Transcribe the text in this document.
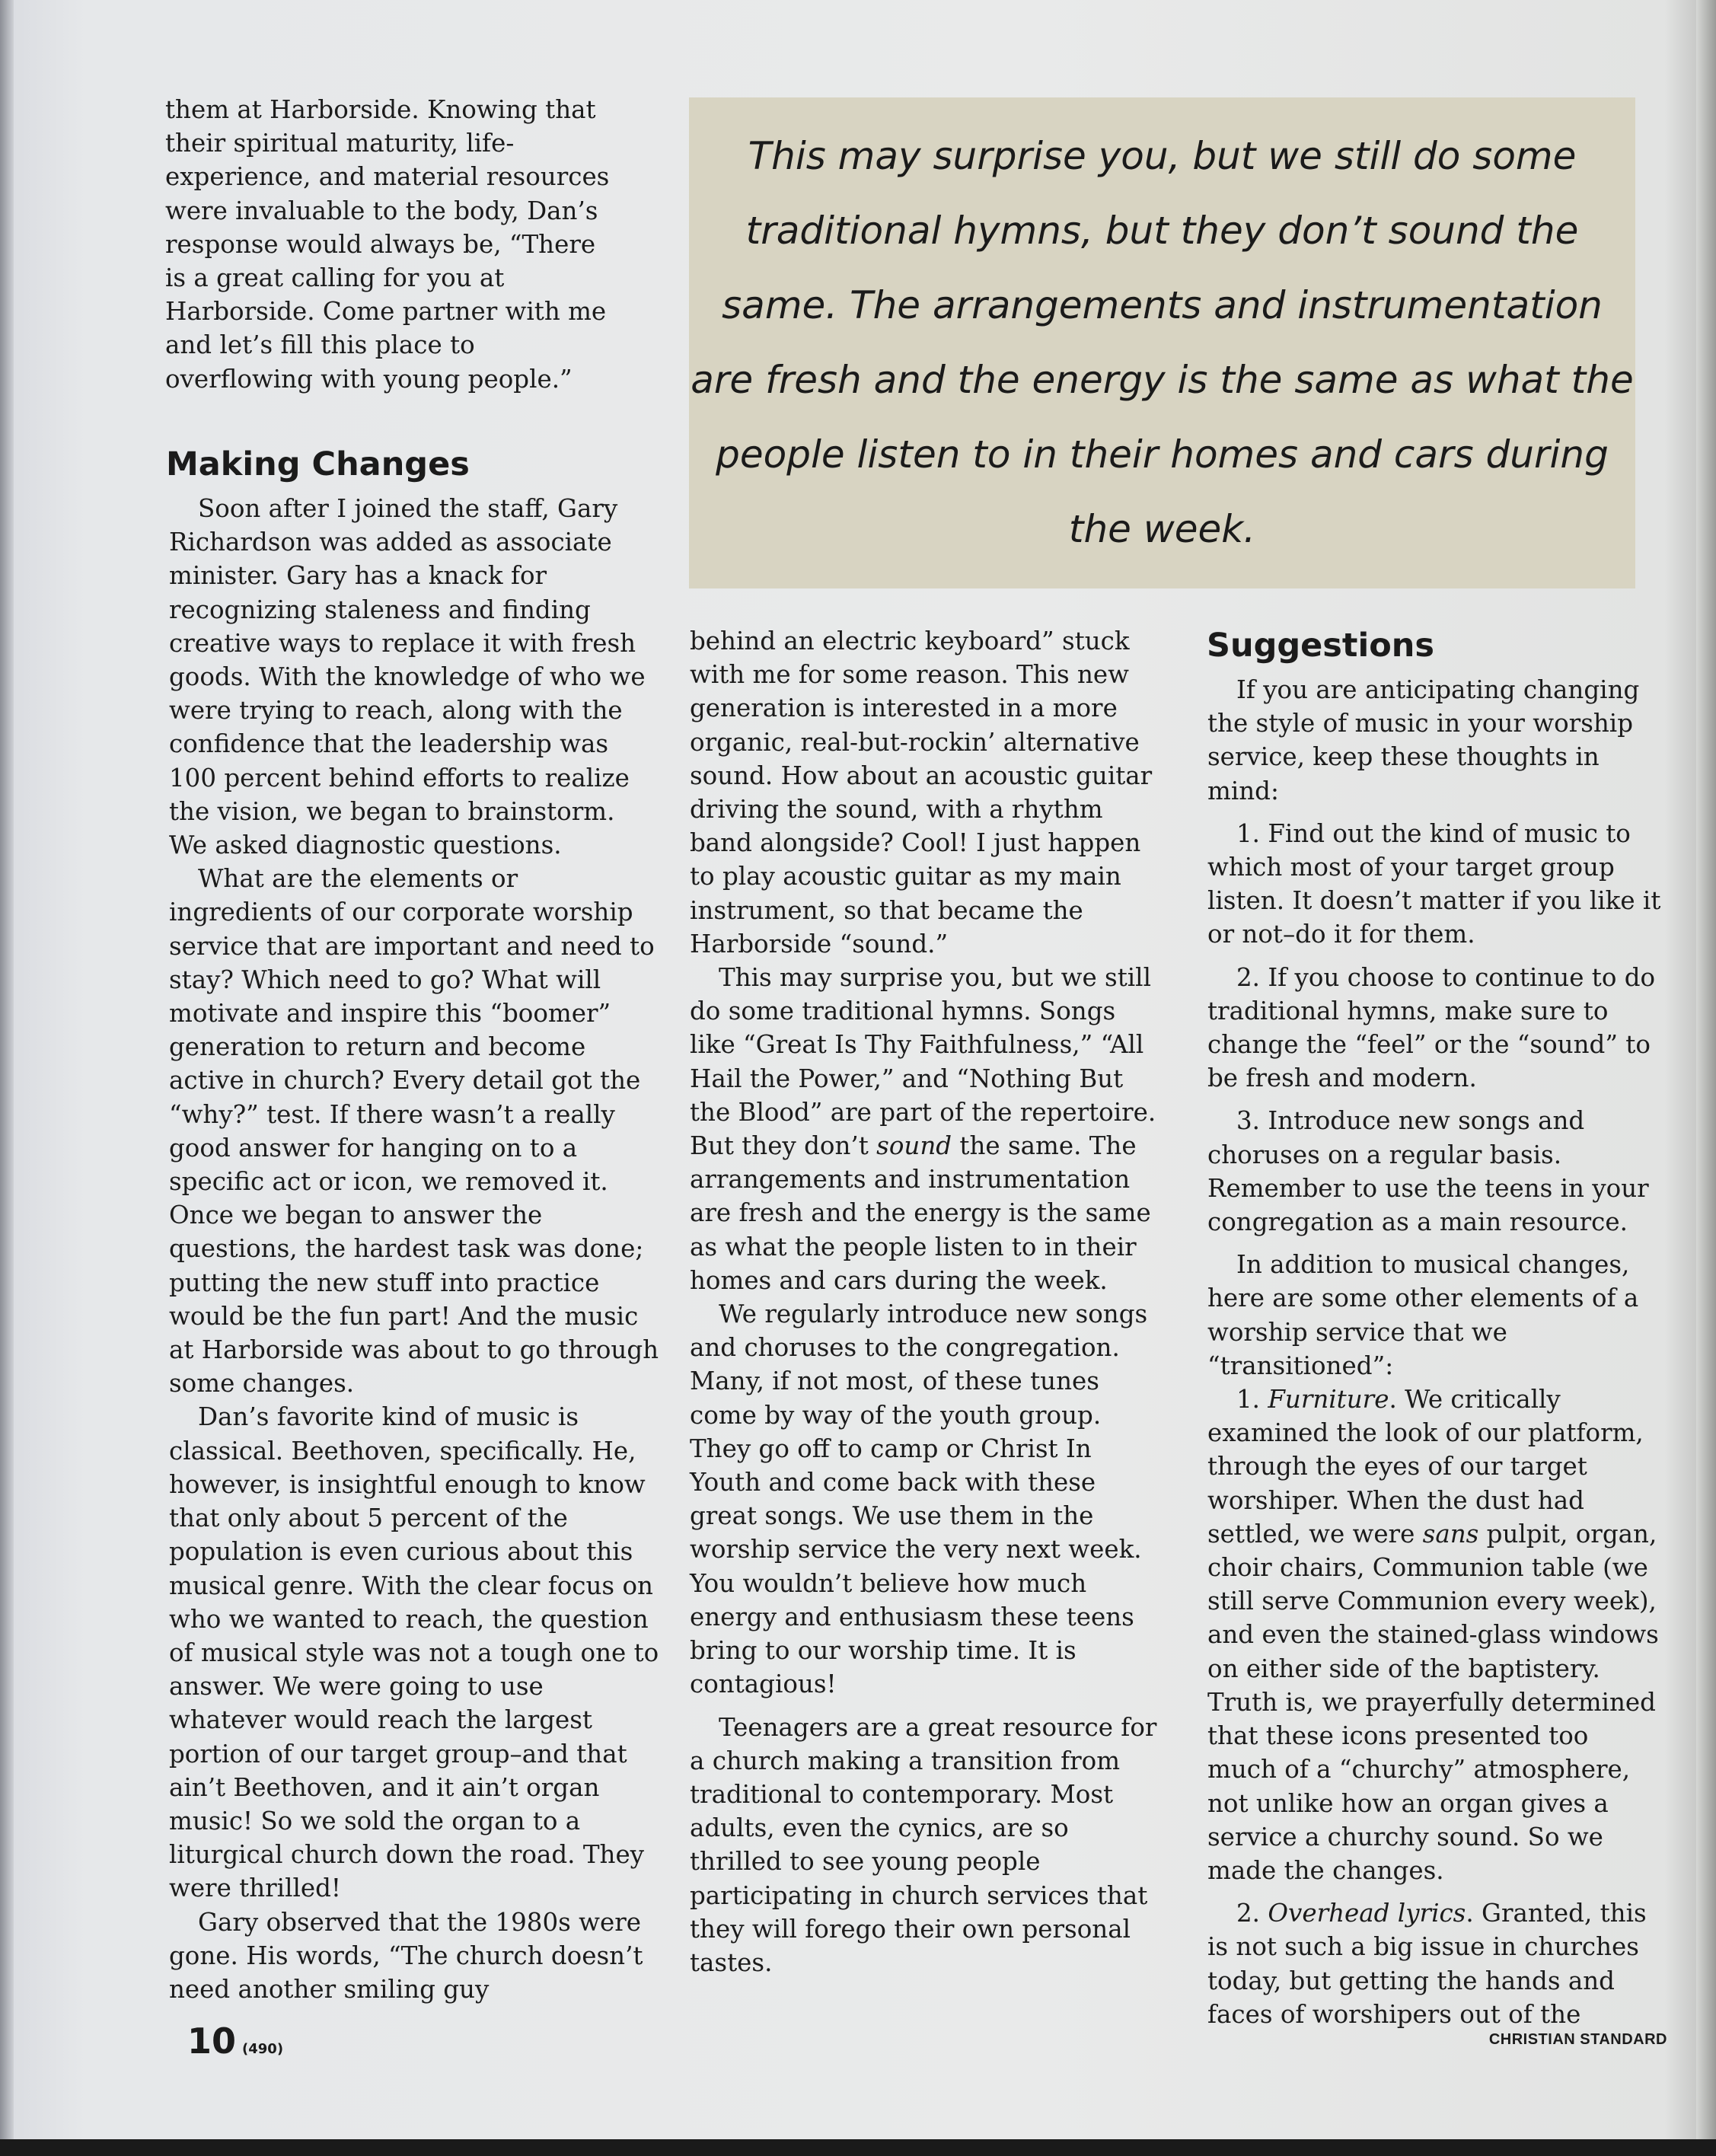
them at Harborside. Knowing that their spiritual maturity, life-experience, and material resources were invaluable to the body, Dan’s response would always be, “There is a great calling for you at Harborside. Come partner with me and let’s fill this place to overflowing with young people.”

Making Changes

Soon after I joined the staff, Gary Richardson was added as associate minister. Gary has a knack for recognizing staleness and finding creative ways to replace it with fresh goods. With the knowledge of who we were trying to reach, along with the confidence that the leadership was 100 percent behind efforts to realize the vision, we began to brainstorm. We asked diagnostic questions.

What are the elements or ingredients of our corporate worship service that are important and need to stay? Which need to go? What will motivate and inspire this “boomer” generation to return and become active in church? Every detail got the “why?” test. If there wasn’t a really good answer for hanging on to a specific act or icon, we removed it. Once we began to answer the questions, the hardest task was done; putting the new stuff into practice would be the fun part! And the music at Harborside was about to go through some changes.

Dan’s favorite kind of music is classical. Beethoven, specifically. He, however, is insightful enough to know that only about 5 percent of the population is even curious about this musical genre. With the clear focus on who we wanted to reach, the question of musical style was not a tough one to answer. We were going to use whatever would reach the largest portion of our target group–and that ain’t Beethoven, and it ain’t organ music! So we sold the organ to a liturgical church down the road. They were thrilled!

Gary observed that the 1980s were gone. His words, “The church doesn’t need another smiling guy

This may surprise you, but we still do some traditional hymns, but they don’t sound the same. The arrangements and instrumentation are fresh and the energy is the same as what the people listen to in their homes and cars during the week.

behind an electric keyboard” stuck with me for some reason. This new generation is interested in a more organic, real-but-rockin’ alternative sound. How about an acoustic guitar driving the sound, with a rhythm band alongside? Cool! I just happen to play acoustic guitar as my main instrument, so that became the Harborside “sound.”

This may surprise you, but we still do some traditional hymns. Songs like “Great Is Thy Faithfulness,” “All Hail the Power,” and “Nothing But the Blood” are part of the repertoire. But they don’t sound the same. The arrangements and instrumentation are fresh and the energy is the same as what the people listen to in their homes and cars during the week.

We regularly introduce new songs and choruses to the congregation. Many, if not most, of these tunes come by way of the youth group. They go off to camp or Christ In Youth and come back with these great songs. We use them in the worship service the very next week. You wouldn’t believe how much energy and enthusiasm these teens bring to our worship time. It is contagious!

Teenagers are a great resource for a church making a transition from traditional to contemporary. Most adults, even the cynics, are so thrilled to see young people participating in church services that they will forego their own personal tastes.

Suggestions

If you are anticipating changing the style of music in your worship service, keep these thoughts in mind:

1. Find out the kind of music to which most of your target group listen. It doesn’t matter if you like it or not–do it for them.

2. If you choose to continue to do traditional hymns, make sure to change the “feel” or the “sound” to be fresh and modern.

3. Introduce new songs and choruses on a regular basis. Remember to use the teens in your congregation as a main resource.

In addition to musical changes, here are some other elements of a worship service that we “transitioned”:

1. Furniture. We critically examined the look of our platform, through the eyes of our target worshiper. When the dust had settled, we were sans pulpit, organ, choir chairs, Communion table (we still serve Communion every week), and even the stained-glass windows on either side of the baptistery. Truth is, we prayerfully determined that these icons presented too much of a “churchy” atmosphere, not unlike how an organ gives a service a churchy sound. So we made the changes.

2. Overhead lyrics. Granted, this is not such a big issue in churches today, but getting the hands and faces of worshipers out of the

10 (490)
CHRISTIAN STANDARD
